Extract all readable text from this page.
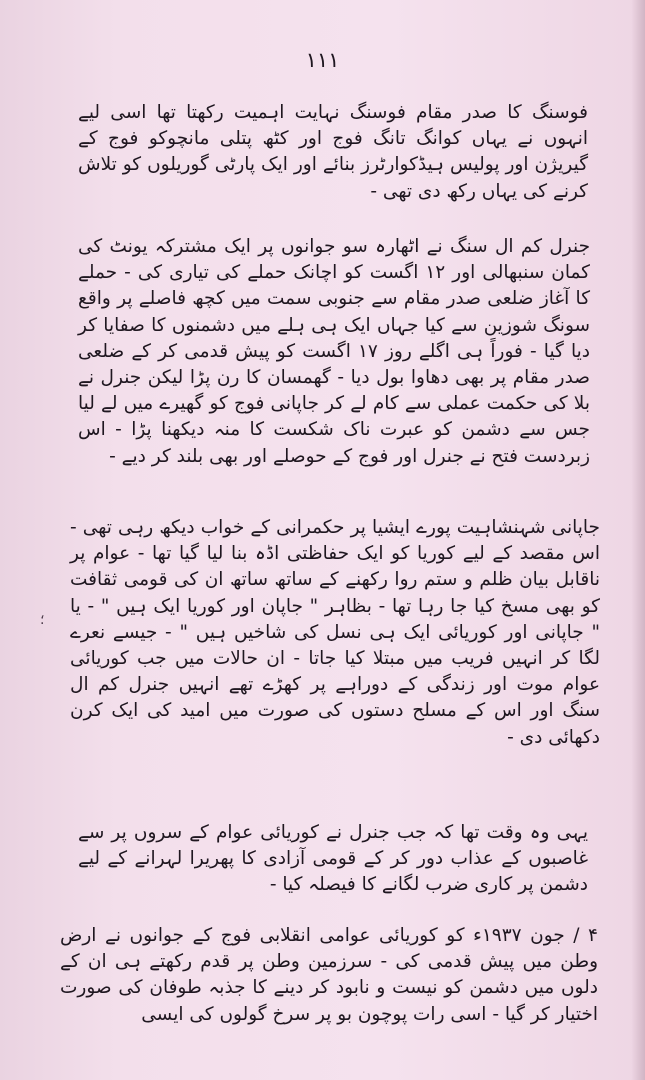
۱۱۱

فوسنگ کا صدر مقام فوسنگ نہایت اہمیت رکھتا تھا اسی لیے انہوں نے یہاں کوانگ تانگ فوج اور کٹھ پتلی مانچوکو فوج کے گیریژن اور پولیس ہیڈکوارٹرز بنائے اور ایک پارٹی گوریلوں کو تلاش کرنے کی یہاں رکھ دی تھی -

جنرل کم ال سنگ نے اٹھارہ سو جوانوں پر ایک مشترکہ یونٹ کی کمان سنبھالی اور ۱۲ اگست کو اچانک حملے کی تیاری کی - حملے کا آغاز ضلعی صدر مقام سے جنوبی سمت میں کچھ فاصلے پر واقع سونگ شوزین سے کیا جہاں ایک ہی ہلے میں دشمنوں کا صفایا کر دیا گیا - فوراً ہی اگلے روز ۱۷ اگست کو پیش قدمی کر کے ضلعی صدر مقام پر بھی دھاوا بول دیا - گھمسان کا رن پڑا لیکن جنرل نے بلا کی حکمت عملی سے کام لے کر جاپانی فوج کو گھیرے میں لے لیا جس سے دشمن کو عبرت ناک شکست کا منہ دیکھنا پڑا - اس زبردست فتح نے جنرل اور فوج کے حوصلے اور بھی بلند کر دیے -

جاپانی شہنشاہیت پورے ایشیا پر حکمرانی کے خواب دیکھ رہی تھی - اس مقصد کے لیے کوریا کو ایک حفاظتی اڈہ بنا لیا گیا تھا - عوام پر ناقابل بیان ظلم و ستم روا رکھنے کے ساتھ ساتھ ان کی قومی ثقافت کو بھی مسخ کیا جا رہا تھا - بظاہر " جاپان اور کوریا ایک ہیں " - یا " جاپانی اور کوریائی ایک ہی نسل کی شاخیں ہیں " - جیسے نعرے لگا کر انہیں فریب میں مبتلا کیا جاتا - ان حالات میں جب کوریائی عوام موت اور زندگی کے دوراہے پر کھڑے تھے انہیں جنرل کم ال سنگ اور اس کے مسلح دستوں کی صورت میں امید کی ایک کرن دکھائی دی -

یہی وہ وقت تھا کہ جب جنرل نے کوریائی عوام کے سروں پر سے غاصبوں کے عذاب دور کر کے قومی آزادی کا پھریرا لہرانے کے لیے دشمن پر کاری ضرب لگانے کا فیصلہ کیا -

۴ / جون ۱۹۳۷ء کو کوریائی عوامی انقلابی فوج کے جوانوں نے ارض وطن میں پیش قدمی کی - سرزمین وطن پر قدم رکھتے ہی ان کے دلوں میں دشمن کو نیست و نابود کر دینے کا جذبہ طوفان کی صورت اختیار کر گیا - اسی رات پوچون بو پر سرخ گولوں کی ایسی

؛
